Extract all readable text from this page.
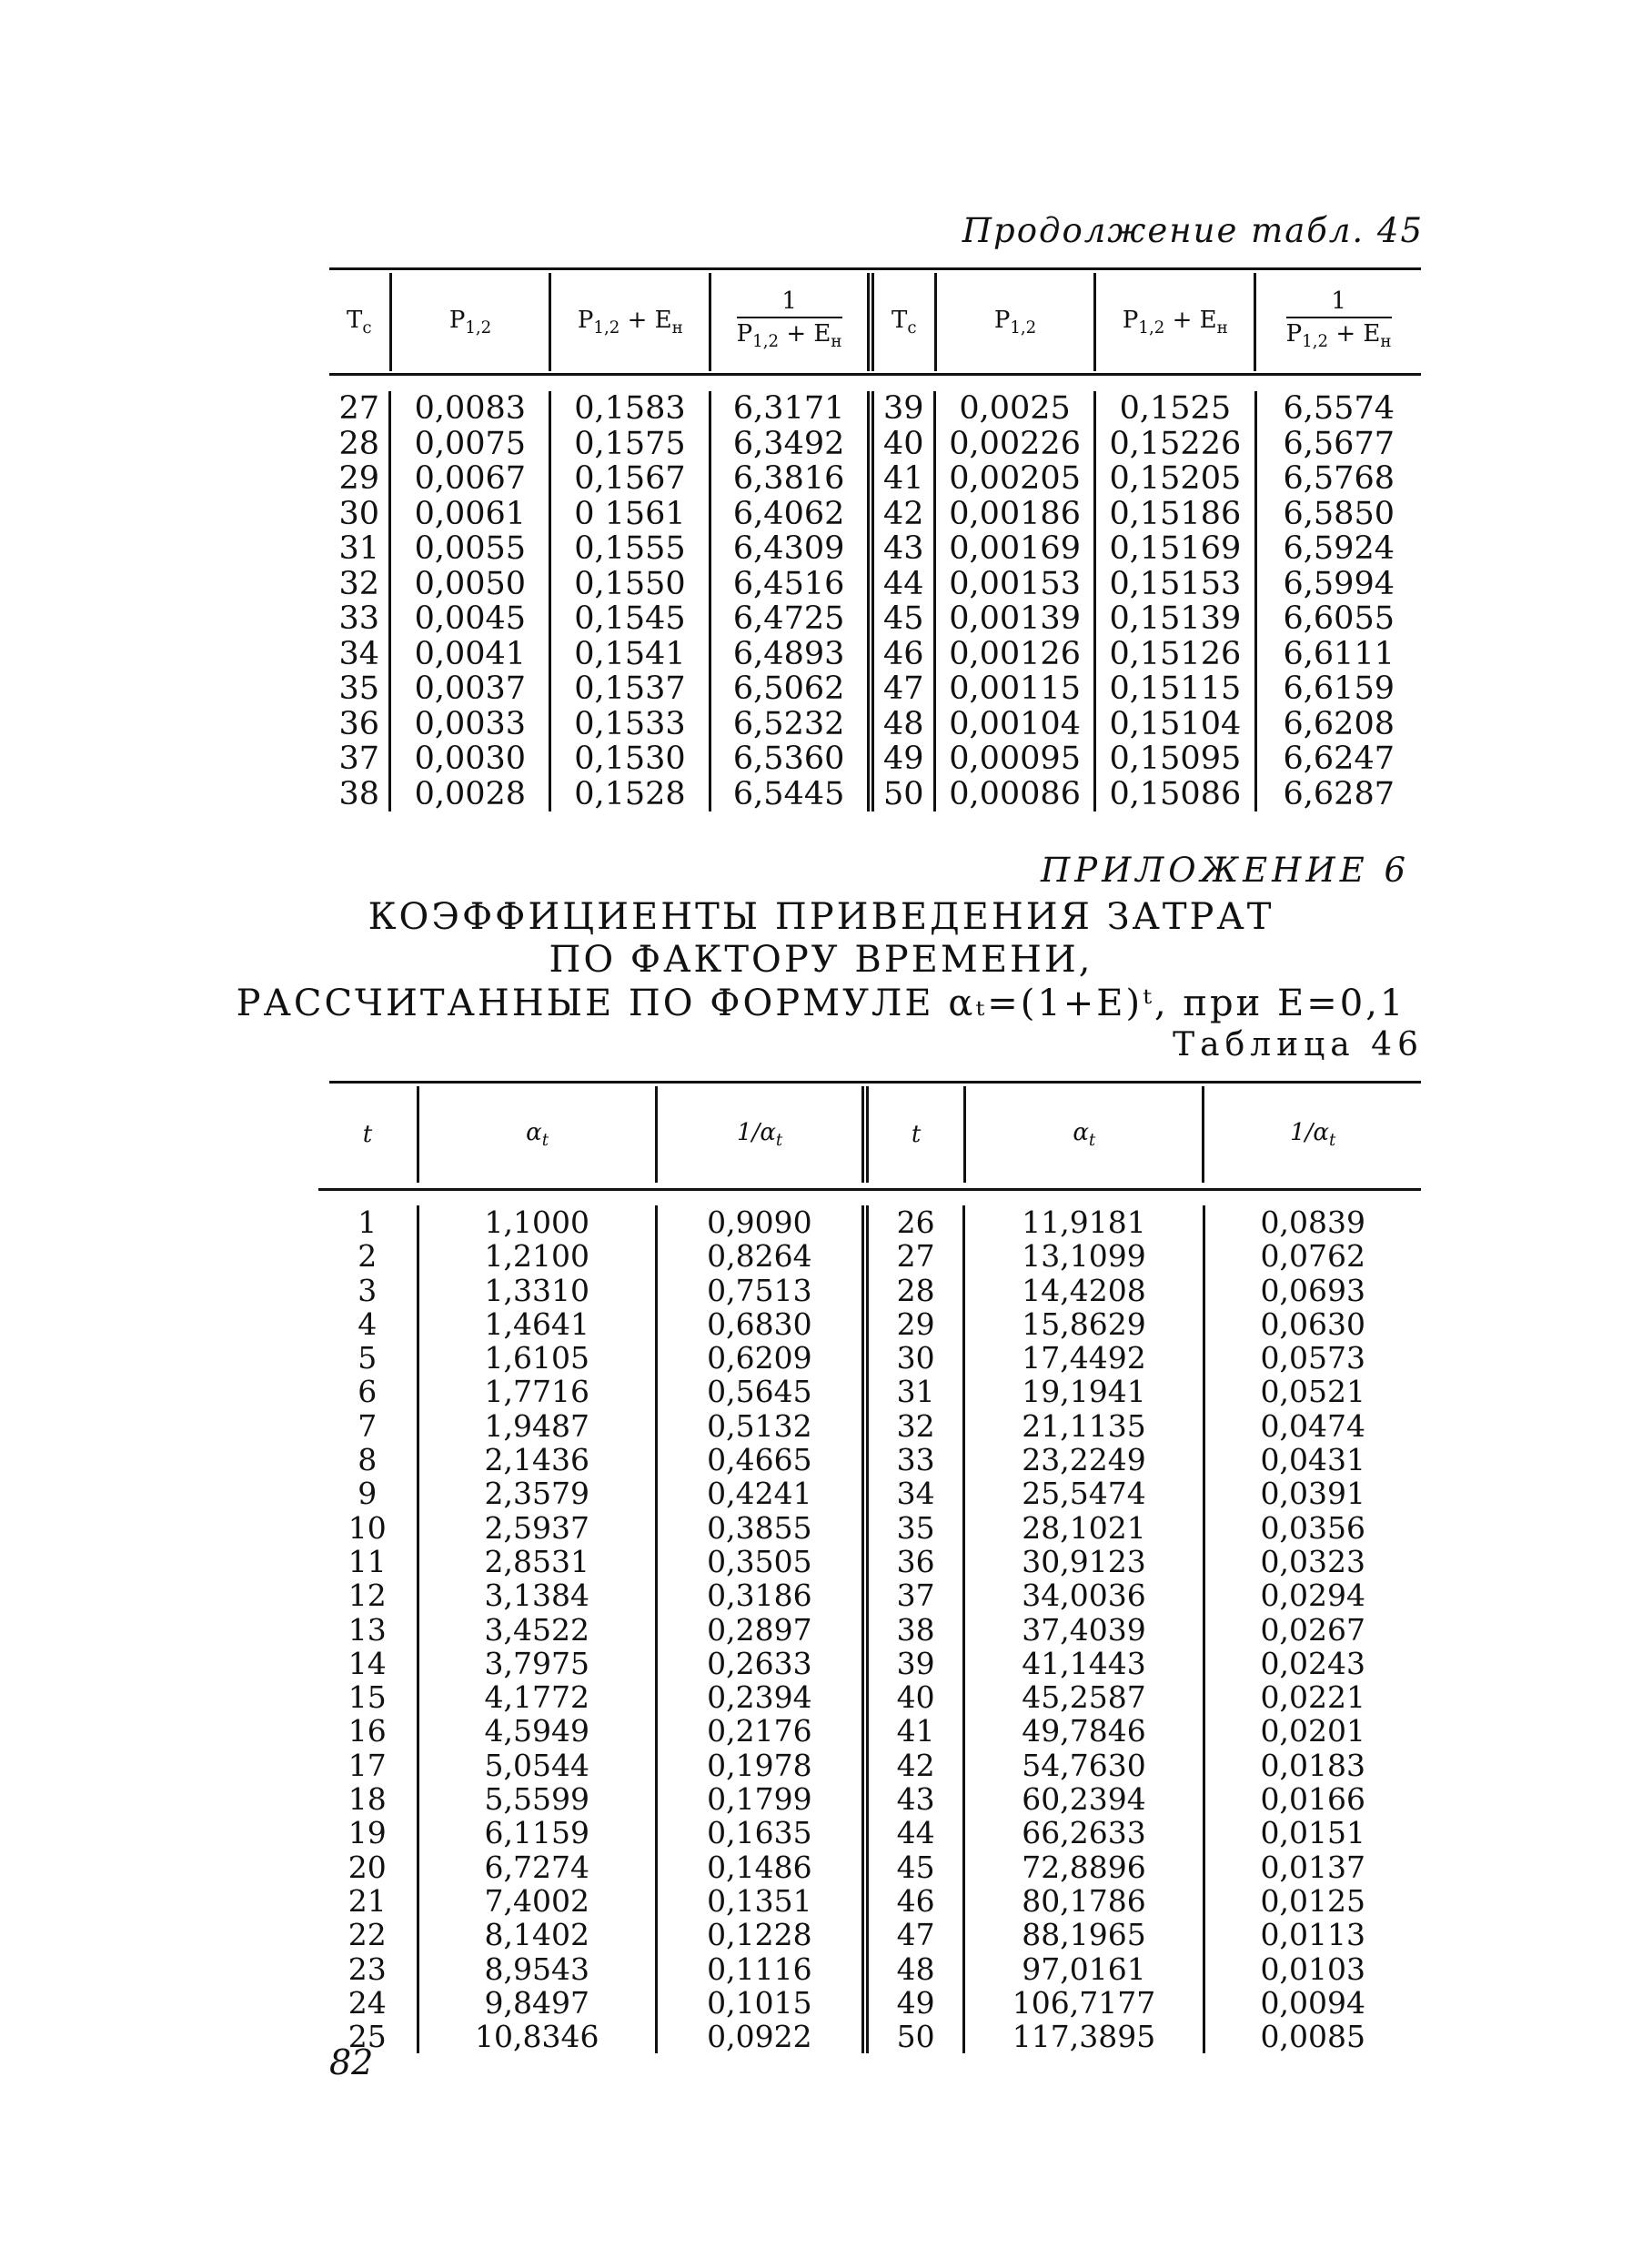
Продолжение табл. 45
$Т_с$	$Р_{1,2}$	$Р_{1,2} + Е_н$	$\frac{1}{Р_{1,2} + Е_н}$	$Т_с$	$Р_{1,2}$	$Р_{1,2} + Е_н$	$\frac{1}{Р_{1,2} + Е_н}$
27	0,0083	0,1583	6,3171	39	0,0025	0,1525	6,5574
28	0,0075	0,1575	6,3492	40	0,00226	0,15226	6,5677
29	0,0067	0,1567	6,3816	41	0,00205	0,15205	6,5768
30	0,0061	0 1561	6,4062	42	0,00186	0,15186	6,5850
31	0,0055	0,1555	6,4309	43	0,00169	0,15169	6,5924
32	0,0050	0,1550	6,4516	44	0,00153	0,15153	6,5994
33	0,0045	0,1545	6,4725	45	0,00139	0,15139	6,6055
34	0,0041	0,1541	6,4893	46	0,00126	0,15126	6,6111
35	0,0037	0,1537	6,5062	47	0,00115	0,15115	6,6159
36	0,0033	0,1533	6,5232	48	0,00104	0,15104	6,6208
37	0,0030	0,1530	6,5360	49	0,00095	0,15095	6,6247
38	0,0028	0,1528	6,5445	50	0,00086	0,15086	6,6287
ПРИЛОЖЕНИЕ 6
КОЭФФИЦИЕНТЫ ПРИВЕДЕНИЯ ЗАТРАТ
ПО ФАКТОРУ ВРЕМЕНИ,
РАССЧИТАННЫЕ ПО ФОРМУЛЕ αₜ=(1+Е)ᵗ, при Е=0,1
Таблица 46
t	$\alpha_t$	$1/\alpha_t$	t	$\alpha_t$	$1/\alpha_t$
1	1,1000	0,9090	26	11,9181	0,0839
2	1,2100	0,8264	27	13,1099	0,0762
3	1,3310	0,7513	28	14,4208	0,0693
4	1,4641	0,6830	29	15,8629	0,0630
5	1,6105	0,6209	30	17,4492	0,0573
6	1,7716	0,5645	31	19,1941	0,0521
7	1,9487	0,5132	32	21,1135	0,0474
8	2,1436	0,4665	33	23,2249	0,0431
9	2,3579	0,4241	34	25,5474	0,0391
10	2,5937	0,3855	35	28,1021	0,0356
11	2,8531	0,3505	36	30,9123	0,0323
12	3,1384	0,3186	37	34,0036	0,0294
13	3,4522	0,2897	38	37,4039	0,0267
14	3,7975	0,2633	39	41,1443	0,0243
15	4,1772	0,2394	40	45,2587	0,0221
16	4,5949	0,2176	41	49,7846	0,0201
17	5,0544	0,1978	42	54,7630	0,0183
18	5,5599	0,1799	43	60,2394	0,0166
19	6,1159	0,1635	44	66,2633	0,0151
20	6,7274	0,1486	45	72,8896	0,0137
21	7,4002	0,1351	46	80,1786	0,0125
22	8,1402	0,1228	47	88,1965	0,0113
23	8,9543	0,1116	48	97,0161	0,0103
24	9,8497	0,1015	49	106,7177	0,0094
25	10,8346	0,0922	50	117,3895	0,0085
82
